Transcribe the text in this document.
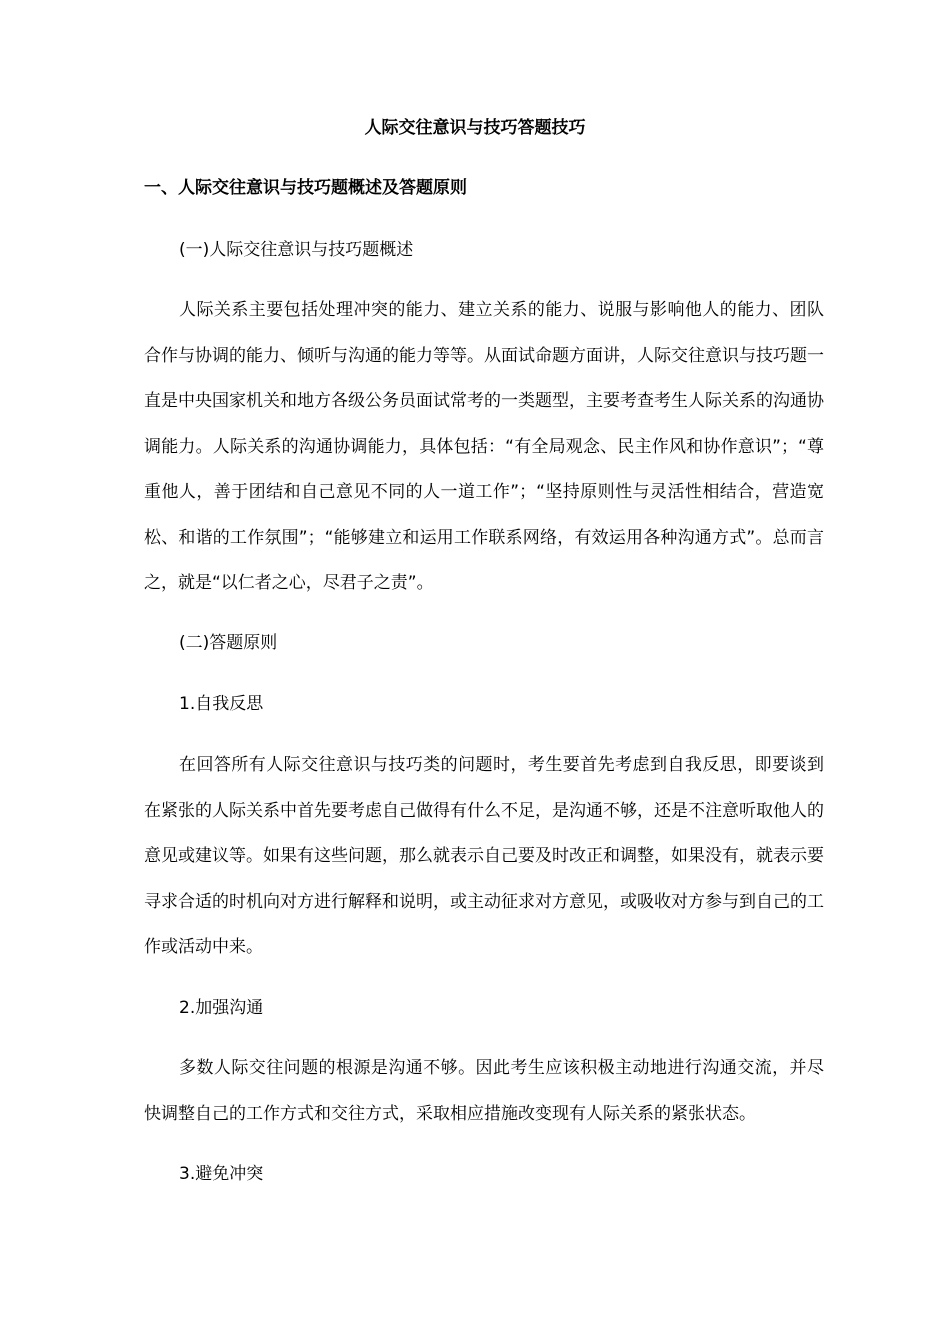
人际交往意识与技巧答题技巧
一、人际交往意识与技巧题概述及答题原则
(一)人际交往意识与技巧题概述

人际关系主要包括处理冲突的能力、建立关系的能力、说服与影响他人的能力、团队合作与协调的能力、倾听与沟通的能力等等。从面试命题方面讲，人际交往意识与技巧题一直是中央国家机关和地方各级公务员面试常考的一类题型，主要考查考生人际关系的沟通协调能力。人际关系的沟通协调能力，具体包括：“有全局观念、民主作风和协作意识”；“尊重他人，善于团结和自己意见不同的人一道工作”；“坚持原则性与灵活性相结合，营造宽松、和谐的工作氛围”；“能够建立和运用工作联系网络，有效运用各种沟通方式”。总而言之，就是“以仁者之心，尽君子之责”。

(二)答题原则
1.自我反思

在回答所有人际交往意识与技巧类的问题时，考生要首先考虑到自我反思，即要谈到在紧张的人际关系中首先要考虑自己做得有什么不足，是沟通不够，还是不注意听取他人的意见或建议等。如果有这些问题，那么就表示自己要及时改正和调整，如果没有，就表示要寻求合适的时机向对方进行解释和说明，或主动征求对方意见，或吸收对方参与到自己的工作或活动中来。

2.加强沟通

多数人际交往问题的根源是沟通不够。因此考生应该积极主动地进行沟通交流，并尽快调整自己的工作方式和交往方式，采取相应措施改变现有人际关系的紧张状态。

3.避免冲突
